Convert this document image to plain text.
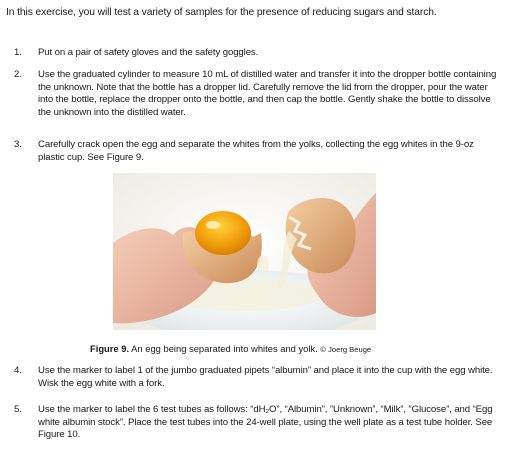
In this exercise, you will test a variety of samples for the presence of reducing sugars and starch.
1. Put on a pair of safety gloves and the safety goggles.
2. Use the graduated cylinder to measure 10 mL of distilled water and transfer it into the dropper bottle containing the unknown. Note that the bottle has a dropper lid. Carefully remove the lid from the dropper, pour the water into the bottle, replace the dropper onto the bottle, and then cap the bottle. Gently shake the bottle to dissolve the unknown into the distilled water.
3. Carefully crack open the egg and separate the whites from the yolks, collecting the egg whites in the 9-oz plastic cup. See Figure 9.
Figure 9. An egg being separated into whites and yolk. © Joerg Beuge
4. Use the marker to label 1 of the jumbo graduated pipets “albumin” and place it into the cup with the egg white. Wisk the egg white with a fork.
5. Use the marker to label the 6 test tubes as follows: “dH₂O”, “Albumin”, ”Unknown”, “Milk”, “Glucose”, and “Egg white albumin stock”. Place the test tubes into the 24-well plate, using the well plate as a test tube holder. See Figure 10.
